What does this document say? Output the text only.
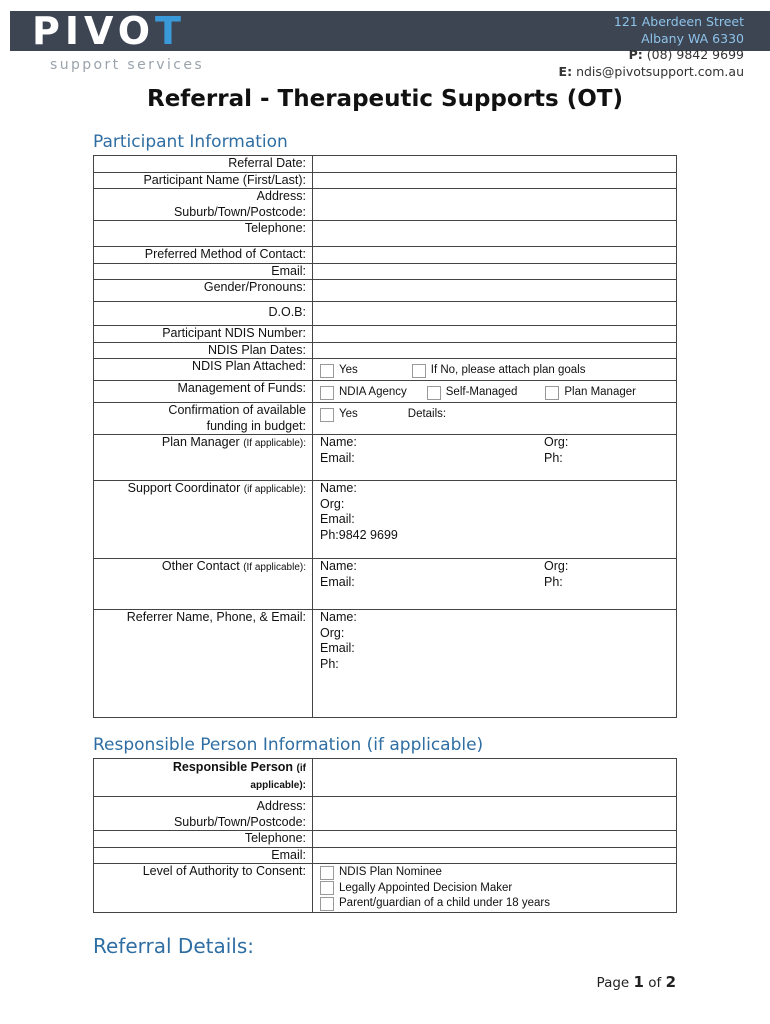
PIVOT
support services
121 Aberdeen Street
Albany WA 6330
P: (08) 9842 9699
E: ndis@pivotsupport.com.au
Referral - Therapeutic Supports (OT)
Participant Information
Referral Date:	
Participant Name (First/Last):	

Address:
Suburb/Town/Postcode:	

Telephone:	
Preferred Method of Contact:	
Email:	
Gender/Pronouns:	
D.O.B:	
Participant NDIS Number:	
NDIS Plan Dates:	
NDIS Plan Attached:	Yes If No, please attach plan goals
Management of Funds:	NDIA Agency Self-Managed Plan Manager

Confirmation of available
funding in budget:	Yes Details:
Plan Manager (If applicable):	Name: Org:
Email: Ph:

Support Coordinator (if applicable):	Name:
Org:
Email:
Ph:9842 9699

Other Contact (If applicable):	Name: Org:
Email: Ph:

Referrer Name, Phone, & Email:	Name:
Org:
Email:
Ph:
Responsible Person Information (if applicable)
Responsible Person (if
applicable):	

Address:
Suburb/Town/Postcode:	

Telephone:	
Email:	
Level of Authority to Consent:	NDIS Plan Nominee
Legally Appointed Decision Maker
Parent/guardian of a child under 18 years
Referral Details:
Page 1 of 2
